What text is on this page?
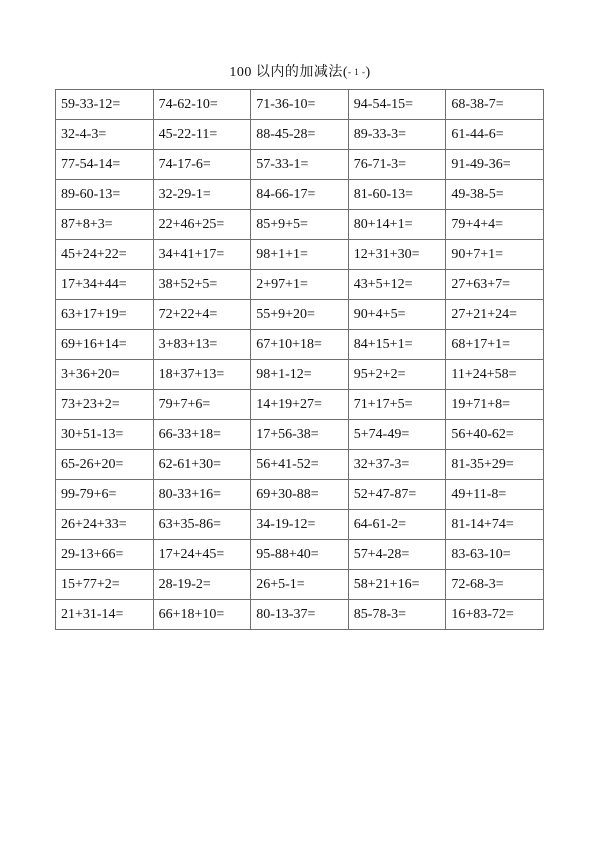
100 以内的加减法(- 1 -)
59-33-12=	74-62-10=	71-36-10=	94-54-15=	68-38-7=
32-4-3=	45-22-11=	88-45-28=	89-33-3=	61-44-6=
77-54-14=	74-17-6=	57-33-1=	76-71-3=	91-49-36=
89-60-13=	32-29-1=	84-66-17=	81-60-13=	49-38-5=
87+8+3=	22+46+25=	85+9+5=	80+14+1=	79+4+4=
45+24+22=	34+41+17=	98+1+1=	12+31+30=	90+7+1=
17+34+44=	38+52+5=	2+97+1=	43+5+12=	27+63+7=
63+17+19=	72+22+4=	55+9+20=	90+4+5=	27+21+24=
69+16+14=	3+83+13=	67+10+18=	84+15+1=	68+17+1=
3+36+20=	18+37+13=	98+1-12=	95+2+2=	11+24+58=
73+23+2=	79+7+6=	14+19+27=	71+17+5=	19+71+8=
30+51-13=	66-33+18=	17+56-38=	5+74-49=	56+40-62=
65-26+20=	62-61+30=	56+41-52=	32+37-3=	81-35+29=
99-79+6=	80-33+16=	69+30-88=	52+47-87=	49+11-8=
26+24+33=	63+35-86=	34-19-12=	64-61-2=	81-14+74=
29-13+66=	17+24+45=	95-88+40=	57+4-28=	83-63-10=
15+77+2=	28-19-2=	26+5-1=	58+21+16=	72-68-3=
21+31-14=	66+18+10=	80-13-37=	85-78-3=	16+83-72=
